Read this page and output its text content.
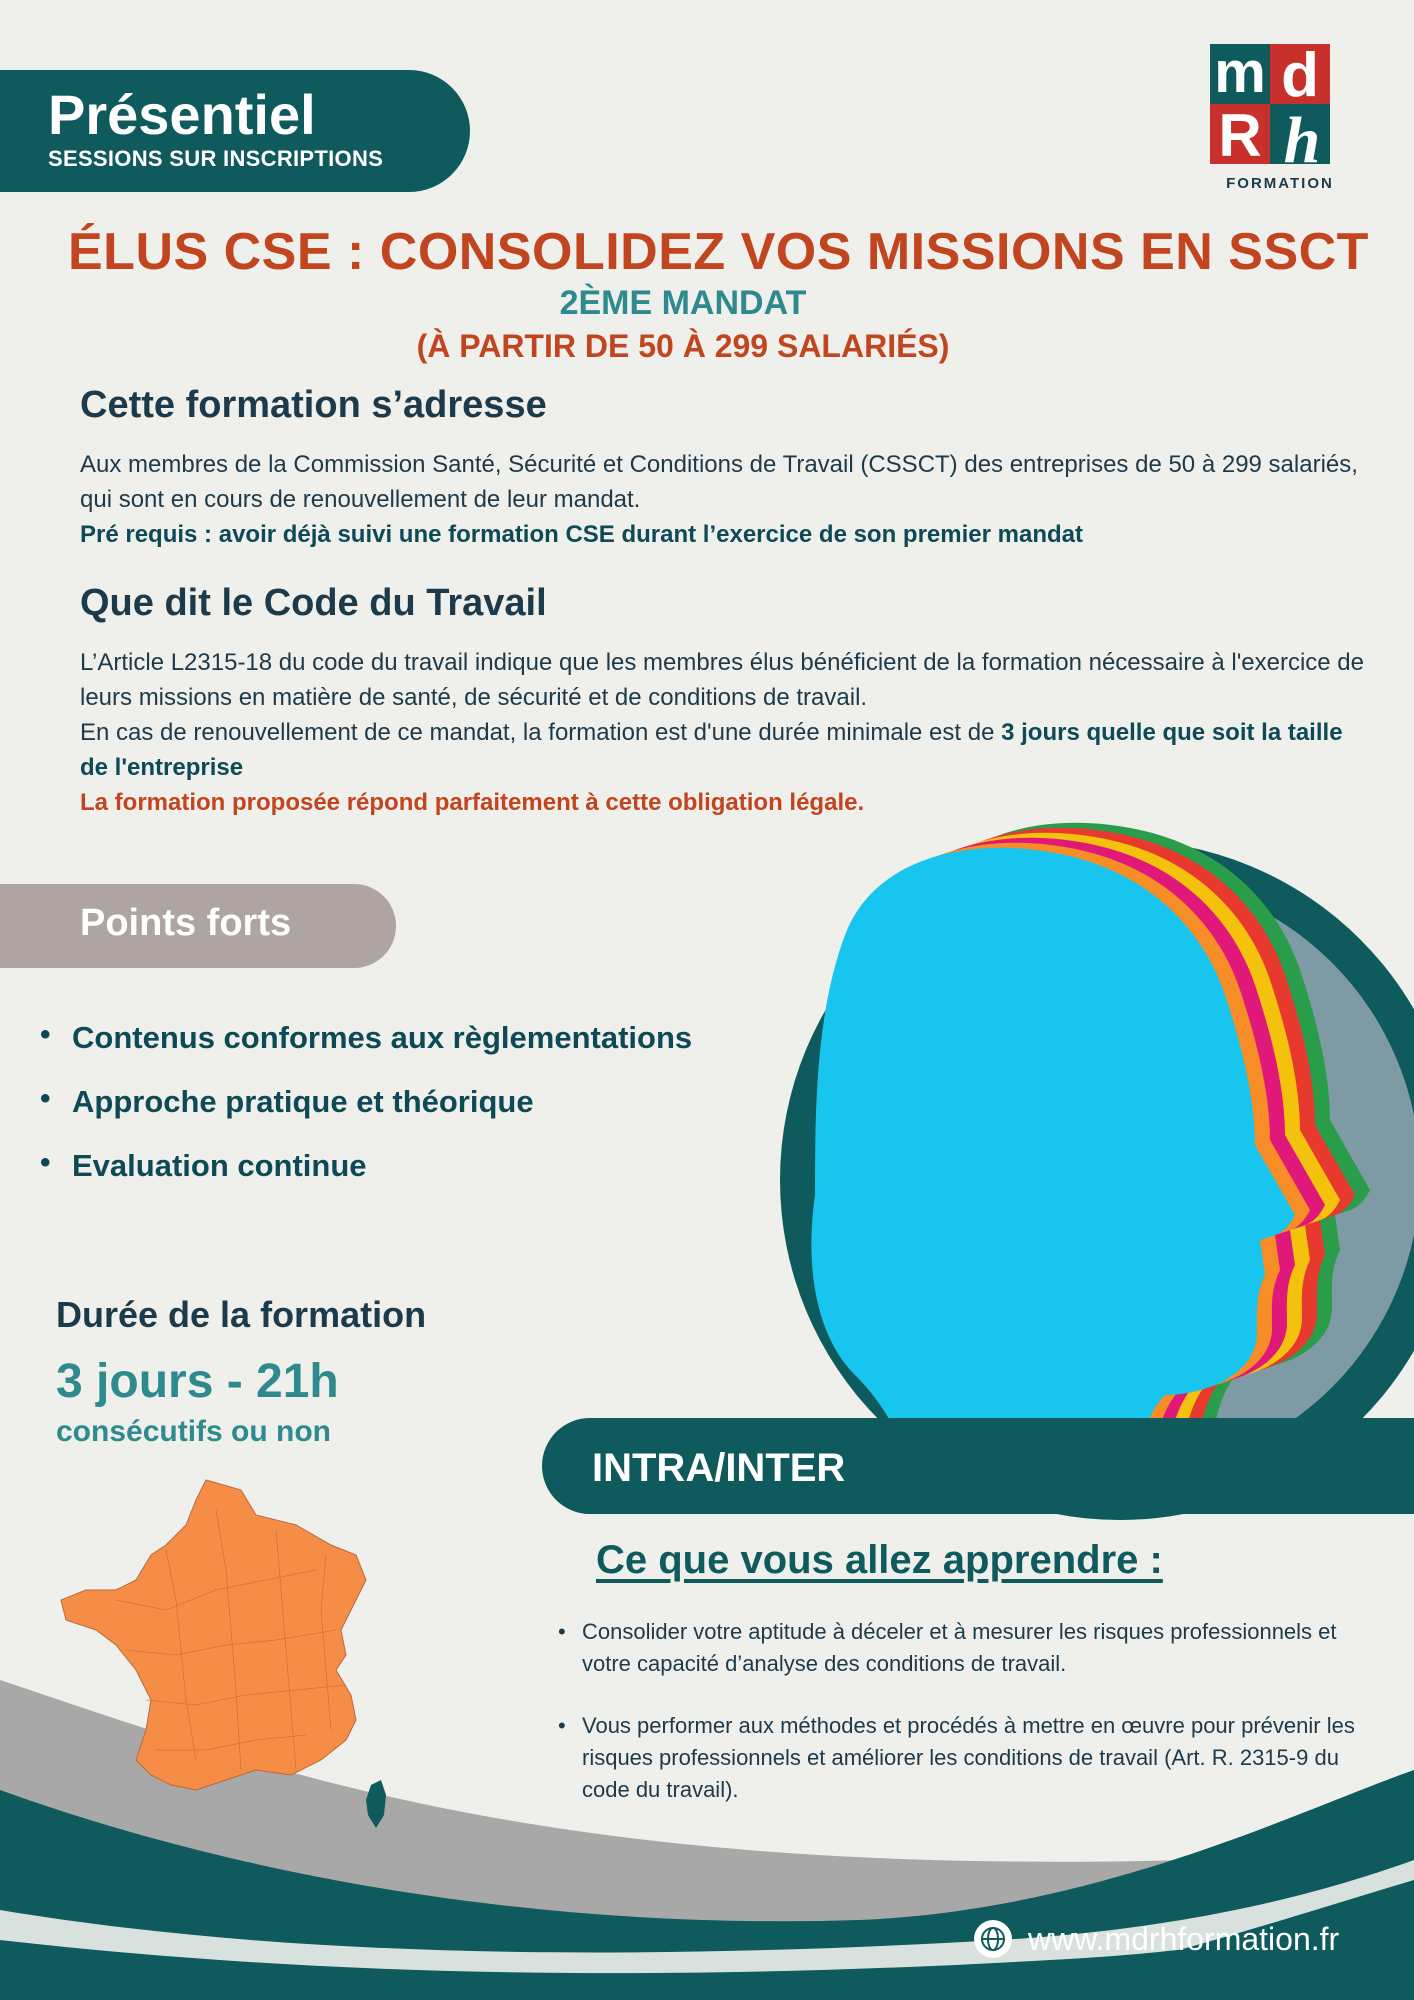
Présentiel
SESSIONS SUR INSCRIPTIONS
m d
R h
FORMATION
ÉLUS CSE : CONSOLIDEZ VOS MISSIONS EN SSCT
2ÈME MANDAT
(À PARTIR DE 50 À 299 SALARIÉS)
Cette formation s’adresse

Aux membres de la Commission Santé, Sécurité et Conditions de Travail (CSSCT) des entreprises de 50 à 299 salariés, qui sont en cours de renouvellement de leur mandat.

Pré requis : avoir déjà suivi une formation CSE durant l’exercice de son premier mandat

Que dit le Code du Travail

L’Article L2315-18 du code du travail indique que les membres élus bénéficient de la formation nécessaire à l'exercice de leurs missions en matière de santé, de sécurité et de conditions de travail.

En cas de renouvellement de ce mandat, la formation est d'une durée minimale est de 3 jours quelle que soit la taille de l'entreprise

La formation proposée répond parfaitement à cette obligation légale.

Points forts
• Contenus conformes aux règlementations
• Approche pratique et théorique
• Evaluation continue
Durée de la formation
3 jours - 21h
consécutifs ou non
INTRA/INTER
Ce que vous allez apprendre :
• Consolider votre aptitude à déceler et à mesurer les risques professionnels et votre capacité d’analyse des conditions de travail.
• Vous performer aux méthodes et procédés à mettre en œuvre pour prévenir les risques professionnels et améliorer les conditions de travail (Art. R. 2315-9 du code du travail).
www.mdrhformation.fr
